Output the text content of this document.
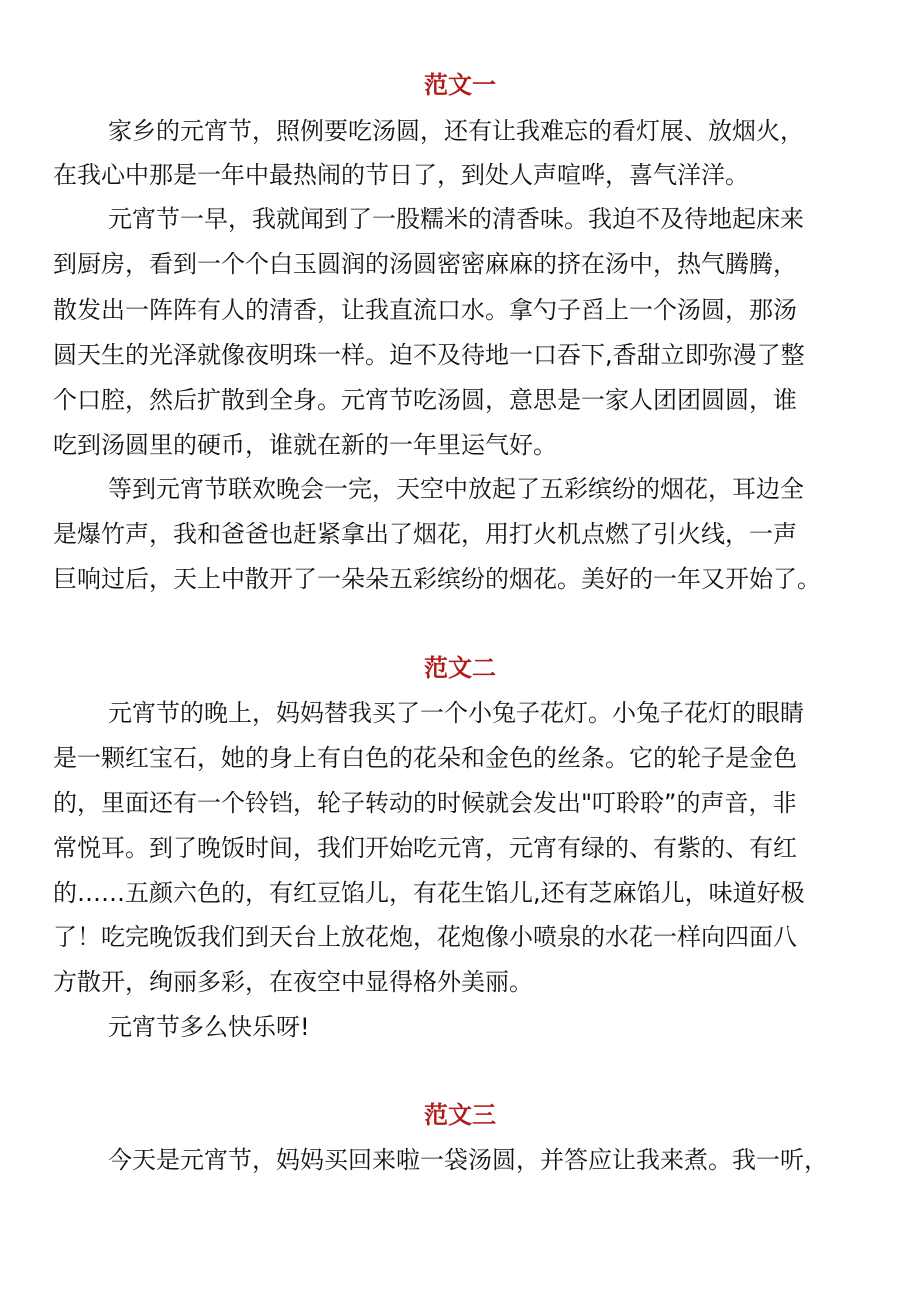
范文一
家乡的元宵节，照例要吃汤圆，还有让我难忘的看灯展、放烟火，
在我心中那是一年中最热闹的节日了，到处人声喧哗，喜气洋洋。
元宵节一早，我就闻到了一股糯米的清香味。我迫不及待地起床来
到厨房，看到一个个白玉圆润的汤圆密密麻麻的挤在汤中，热气腾腾，
散发出一阵阵有人的清香，让我直流口水。拿勺子舀上一个汤圆，那汤
圆天生的光泽就像夜明珠一样。迫不及待地一口吞下,香甜立即弥漫了整
个口腔，然后扩散到全身。元宵节吃汤圆，意思是一家人团团圆圆，谁
吃到汤圆里的硬币，谁就在新的一年里运气好。
等到元宵节联欢晚会一完，天空中放起了五彩缤纷的烟花，耳边全
是爆竹声，我和爸爸也赶紧拿出了烟花，用打火机点燃了引火线，一声
巨响过后，天上中散开了一朵朵五彩缤纷的烟花。美好的一年又开始了。
范文二
元宵节的晚上，妈妈替我买了一个小兔子花灯。小兔子花灯的眼睛
是一颗红宝石，她的身上有白色的花朵和金色的丝条。它的轮子是金色
的，里面还有一个铃铛，轮子转动的时候就会发出"叮聆聆”的声音，非
常悦耳。到了晚饭时间，我们开始吃元宵，元宵有绿的、有紫的、有红
的……五颜六色的，有红豆馅儿，有花生馅儿,还有芝麻馅儿，味道好极
了！吃完晚饭我们到天台上放花炮，花炮像小喷泉的水花一样向四面八
方散开，绚丽多彩，在夜空中显得格外美丽。
元宵节多么快乐呀!
范文三
今天是元宵节，妈妈买回来啦一袋汤圆，并答应让我来煮。我一听，
